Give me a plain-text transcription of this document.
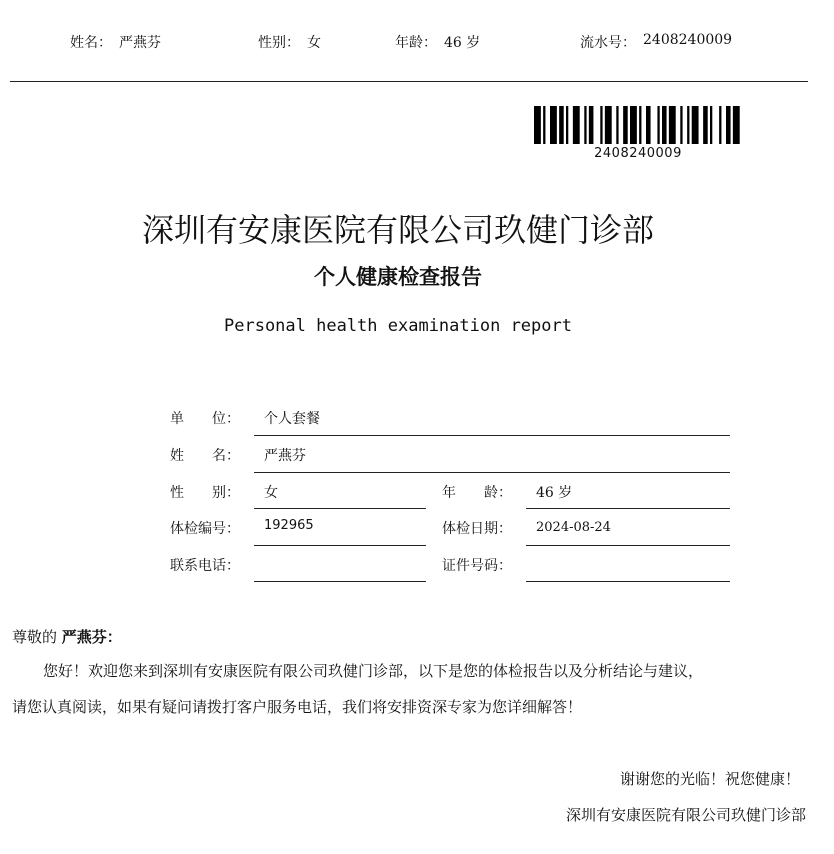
姓名： 严燕芬	性别： 女	年龄： 46 岁	流水号： 2408240009
2408240009
深圳有安康医院有限公司玖健门诊部
个人健康检查报告
Personal health examination report
单　　位： 个人套餐
姓　　名： 严燕芬
性　　别： 女	年　　龄： 46 岁
体检编号： 192965	体检日期： 2024-08-24
联系电话：	证件号码：
尊敬的 严燕芬：
您好！欢迎您来到深圳有安康医院有限公司玖健门诊部，以下是您的体检报告以及分析结论与建议，
请您认真阅读，如果有疑问请拨打客户服务电话，我们将安排资深专家为您详细解答！
谢谢您的光临！祝您健康！
深圳有安康医院有限公司玖健门诊部
